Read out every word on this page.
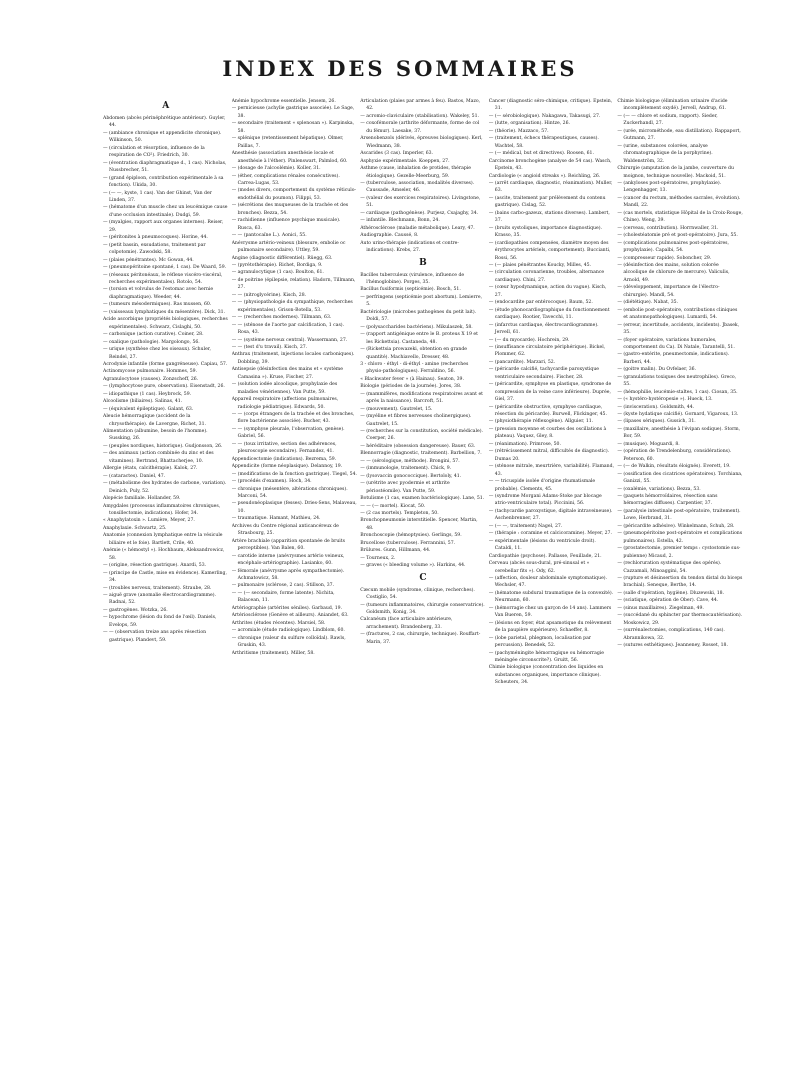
INDEX DES SOMMAIRES
A
Abdomen (abcès périnéphrétique antérieur). Guyler, 44.
— (ambiance chronique et appendicite chronique). Wilkinson, 50.
— (circulation et résorption, influence de la respiration de CO²). Friedrich, 30.
— (éventration diaphragmatique d., 1 cas). Nicholas, Nussbrecher, 51.
— (grand épiploon, contribution expérimentale à sa fonction). Ukida, 30.
— (— —, kyste, 1 cas). Van der Ghinst, Van der Linden, 37.
— (hématome d'un muscle chez un leucémique cause d'une occlusion intestinale). Dudgi, 59.
— (myalgies, rapport aux organes internes). Reiser, 29.
— (péritonites à pneumocoques). Horine, 44.
— (petit bassin, exsudations, traitement par colpotomie). Zawodski, 58.
— (plaies pénétrantes). Mc Gowan, 44.
— (pneumopéritoine spontané, 1 cas). De Waard, 59.
— (réseaux péritonéaux, le réflexe viscéro-viscéral, recherches expérimentales). Rotolo, 54.
— (torsion et volvulus de l'estomac avec hernie diaphragmatique). Weeder, 44.
— (tumeurs mésodermiques). Ras mussen, 60.
— (vaisseaux lymphatiques du mésentère). Dick, 31.
Acide ascorbique (propriétés biologiques, recherches expérimentales). Schwarz, Cislaghi, 50.
— carbonique (action curative). Coiner, 28.
— oxalique (pathologie). Margolongo, 56.
— urique (synthèse chez les oiseaux). Schuler, Reindel, 27.
Acrodynie infantile (forme gangréneuse). Capiau, 57.
Actinomycose pulmonaire. Hommes, 59.
Agranulocytose (causes). Zonzscheff, 26.
— (lymphocytose pure, observation). Eisenstadt, 26.
— idiopathique (1 cas). Heybrock, 59.
Alcoolisme (biliaires). Salinas, 41.
— (équivalent épileptique). Galant, 63.
Aleucie hémorragique (accident de la chrysothérapie). de Lavergne, Richet, 31.
Alimentation (albumine, besoin de l'homme). Sussking, 26.
— (peuples nordiques, historique). Gudjonsson, 26.
— des animaux (action combinée du zinc et des vitamines). Bertrand, Bhattacherjee, 10.
Allergie (états, calcithérapie). Kalok, 27.
— (cataractes). Daniel, 47.
— (métabolisme des hydrates de carbone, variation). Deinich, Puly, 52.
Alopécie familiale. Hollander, 59.
Amygdales (processus inflammatoires chroniques, tonsillectomie, indications). Hofer, 34.
« Anaphylatoxin ». Lumière, Meyer, 27.
Anaphylaxie. Schwartz, 25.
Anatomie (connexion lymphatique entre la vésicule biliaire et le foie). Bartlett, Crile, 40.
Anémie (« hémostyl »). Hochbaum, Aleksandrowicz, 58.
— (origine, résection gastrique). Anardi, 53.
— (principe de Castle, mise en évidence). Kamerling, 34.
— (troubles nerveux, traitement). Straube, 28.
— aiguë grave (anomalie électrocardiogramme). Radnai, 52.
— gastrogènes. Wotzka, 26.
— hypochrome (lésion du fond de l'œil). Daniels, Evelops, 59.
— — (observation treize ans après résection gastrique). Plandevt, 59.
Anémie hypochrome essentielle. Jensem, 26.
— pernicieuse (achylie gastrique associée). Le Sage, 38.
— secondaire (traitement « splenosan »). Karpinska, 58.
— splénique (retentissement hépatique). Olmer, Paillas, 7.
Anesthésie (association anesthésie locale et anesthésie à l'éther). Pinlenswart, Palmlod, 60.
— (dosage de l'alcoolémie). Koller, 31.
— (éther, complications rénales consécutives). Carrea-Lugas, 53.
— (modes divers, comportement du système réticulo-endothélial du poumon). Filippi, 53.
— (sécrétions des muqueuses de la trachée et des bronches). Bezza, 54.
— rachidienne (influence psychique musicale). Rusca, 63.
— — (pantocaïne L.). Aonici, 55.
Anévrysme artério-veineux (blessure, embolie oc pulmonaire secondaire). Uttley, 59.
Angine (diagnostic différentiel). Rüegg, 63.
— (pyrétothérapie). Richet, Bordiga, 9.
— agranulocytique (1 cas). Boulton, 61.
— de poitrine (épilepsie, relation). Hadorn, Tillmann, 27.
— — (nitroglycérine). Kisch, 28.
— — (physiopathologie du sympathique, recherches expérimentales). Grison-Botella, 53.
— — (recherches modernes). Tillmann, 63.
— — (sténose de l'aorte par calcification, 1 cas). Rosa, 43.
— — (système nerveux central). Wassermann, 27.
— — (test d'u travail). Kisch, 27.
Anthrax (traitement, injections locales carboniques). Dobbling, 39.
Antisepsie (désinfection des mains et « système Camasina »). Kruse, Fischer, 27.
— (solution iodée alcoolique, prophylaxie des maladies vénériennes). Van Putte, 59.
Appareil respiratoire (affections pulmonaires, radiologie pédiatrique). Edwards, 50.
— — (corps étrangers de la trachée et des bronches, flore bactérienne associée). Bucher, 43.
— — (symphyse pleurale, l'observation, genèse). Gabriel, 56.
— — (toux irritative, section des adhérences, pleuroscopie secondaire). Fernandez, 41.
Appendicectomie (indications). Bezrema, 59.
Appendicite (forme néoplasique). Delannoy, 19.
— (modifications de la fonction gastrique). Tiegel, 54.
— (procédés d'examen). Hoch, 34.
— chronique (mésentère, altérations chroniques). Marconi, 54.
— pseudonéoplasique (fesses). Dries-Sens, Malaveau, 10.
— traumatique. Hamant, Mathieu, 24.
Archives du Centre régional anticancéreux de Strasbourg, 25.
Artère brachiale (apparition spontanée de bruits perceptibles). Van Balen, 60.
— carotide interne (anévrysmes artério veineux, encéphalo-artériographie). Lasianko, 60.
— fémorale (anévrysme après sympathectomie). Achmatowicz, 58.
— pulmonaire (sclérose, 2 cas). Stillson, 37.
— — (— secondaire, forme latente). Nichita, Balacean, 11.
Artériographie (artérites séniles). Garbaud, 19.
Artériosclérose (Genève et ailleurs). Aniandet, 63.
Arthrites (études récentes). Marsiel, 58.
— acromiale (étude radiologique). Lindblom, 60.
— chronique (valeur du sulfure colloïdal). Rawls, Gruskin, 43.
Arthritisme (traitement). Miller, 58.
Articulation (plaies par armes à feu). Bastos, Mazo, 42.
— acromio-claviculaire (stabilisation). Wakeley, 51.
— coxofémorale (arthrite déformante, forme de col du fémur). Laesake, 37.
Arsenobenzols (dérivés, épreuves biologiques). Kerl, Wiedmann, 38.
Ascarides (3 cas). Imperler, 63.
Asphyxie expérimentale. Koeppen, 27.
Asthme (cause, inhalation de protides, thérapie étiologique). Gezelle-Meerburg, 59.
— (tuberculose, association, modalités diverses). Caussade, Amseler, 46.
— (valeur des exercices respiratoires). Livingstone, 51.
— cardiaque (pathogénèse). Purjesz, Csajaghy, 34.
— infantile. Blechmann, Bonn, 24.
Athérosclérose (maladie métabolique). Leary, 47.
Audiographie. Caussé, 8.
Auto urino-thérapie (indications et contre-indications). Krebs, 27.
B
Bacilles tuberculeux (virulence, influence de l'hémoglobine). Porges, 35.
Bacillus fusiformis (septicémie). Bosch, 51.
— perfringens (septicémie post abortum). Lemierre, 5.
Bactériologie (microbes pathogènes du petit lait). Doldi, 57.
— (polysaccharides bactériens). Mikulaszek, 58.
— (rapport antigénique entre le B. proteus X 19 et les Rickettsia). Castaneda, 48.
— (Rickettsia prowazeki, obtention en grande quantité). Machiavello, Dresser, 48.
3 - chloro - éthyl - di-éthyl - amine (recherches physio-pathologiques). Ferraldino, 56.
« Blackwater fever » (à Hainau). Seaton, 39.
Biologie (périodes de la journée). Jores, 38.
— (mammifères, modifications respiratoires avant et après la naissance). Barcroft, 51.
— (mouvement). Gautrelet, 15.
— (myéline et fibres nerveuses cholinergiques). Gautrelet, 15.
— (recherches sur la constitution, société médicale). Coerper, 26.
— héréditaire (obsession dangereuse). Bauer, 63.
Blennorragie (diagnostic, traitement). Barbellion, 7.
— — (sérologique, méthode). Brongini, 57.
— (immunologie, traitement). Chick, 9.
— (lysovaccin gonococcique). Bertololy, 41.
— (urétrite avec pyodermie et arthrite périostéomile). Van Putte, 59.
Botulisme (1 cas, examen bactériologique). Lane, 51.
— — (— mortel). Kiocat, 50.
— (2 cas mortels). Templeton, 50.
Bronchopneumonie interstitielle. Spencer, Martin, 48.
Bronchoscopie (hémoptysies). Gerlings, 59.
Brucellose (tuberculose). Ferrannini, 57.
Brûlures. Gunn, Hillmann, 44.
— Tourneux, 2.
— graves (« bleeding volume »). Harkins, 44.
C
Cæcum mobile (syndrome, clinique, recherches). Costiglio, 54.
— (tumeurs inflammatoires, chirurgie conservatrice). Goldsmith, Konig, 34.
Calcanéum (face articulaire antérieure, arrachement). Brandenberg, 33.
— (fractures, 2 cas, chirurgie, technique). Rouffart-Marin, 37.
Cancer (diagnostic séro-chimique, critique). Epstein, 31.
— (— sérobiologique). Nakagawa, Takasugi, 27.
— (lutte, organisation). Hintze, 26.
— (théorie). Mazzaco, 57.
— (traitement, échecs thérapeutiques, causes). Wachtel, 58.
— (— médical, but et directives). Roosen, 61.
Carcinome bronchogène (analyse de 54 cas). Wasch, Epstein, 43.
Cardiologie (« angioid streaks »). Reichling, 26.
— (arrêt cardiaque, diagnostic, réanimation). Muller, 63.
— (ascite, traitement par prélèvement du contenu gastrique). Cislag, 52.
— (bains carbo-gazeux, stations diverses). Lambert, 37.
— (bruits systoliques, importance diagnostique). Krasso, 35.
— (cardiopathies compensées, diamètre moyen des érythrocytes artériels, comportement). Buccianti, Rossi, 56.
— (— plaies pénétrantes Koucky, Milles, 45.
— (circulation coronarienne, troubles, alternance cardiaque). Chini, 27.
— (cœur hypodynamique, action du vague). Kisch, 27.
— (endocardite par entérocoque). Baum, 52.
— (étude phonocardiographique du fonctionnement cardiaque). Rootier, Tavecchi, 11.
— (infarctus cardiaque, électrocardiogramme). Jervell, 61.
— (— du myocarde). Hochrein, 29.
— (insuffisance circulatoire périphérique). Bickel, Plommer, 62.
— (pancardite). Marzari, 52.
— (péricarde calcifié, tachycardie paroxystique ventriculaire secondaire). Fischer, 28.
— (péricardite, symphyse en plastique, syndrome de compression de la veine cave inférieure). Duprée, Giel, 37.
— (péricardite obstructive, symphyse cardiaque, résection du péricarde). Burwell, Flickinger, 45.
— (physiothérapie réflexogène). Allguier, 11.
— (pression moyenne et courbes des oscillations à plateau). Vaquez, Gley, 8.
— (réanimation). Primrose, 50.
— (rétrécissement mitral, difficultés de diagnostic). Dumas 20.
— (sténose mitrale, meurtrière, variabilité). Flamand, 43.
— — tricuspide isolée d'origine rhumatismale probable). Clements, 45.
— (syndrome Morgani Adams-Stoke par blocage atrio-ventriculaire total). Piccinini, 56.
— (tachycardie paroxystique, digitale intraveineuse). Aschenbrenner, 27.
— (— —, traitement) Nagel, 27.
— (thérapie : coramine et calcicoramine). Meyer, 27.
— expérimentale (lésions du ventricule droit). Cataldi, 11.
Cardiopathie (psychose). Pallasse, Feuillade, 21.
Cerveau (abcès sous-dural, pré-sinusal et « cerebellar fits »). Ody, 62.
— (affection, douleur abdominale symptomatique). Wechsler, 47.
— (hématome subdural traumatique de la convexité). Neurmann, 60.
— (hémorragie chez un garçon de 14 ans). Lammers Van Bueren, 59.
— (lésions en foyer, état apsamotique du relèvement de la paupière supérieure). Schaeffer, 8.
— (lobe parietal, phlegmon, localisation par percussion). Benedek, 52.
— (pachyméningite hémorragique ou hémorragie méningée circonscrite?). Gruitt, 56.
Chimie biologique (concentration des liquides en substances organiques, importance clinique). Scheuters, 34.
Chimie biologique (élimination urinaire d'acide incomplètement oxydé). Jervell, Andrup, 61.
— (— — chlore et sodium, rapport). Sieder, Zuckerhandl, 27.
— (urée, microméthode, eau distillation). Rappaport, Gutmann, 27.
— (urine, substances colorées, analyse chromatographique de la porphyrine). Waldenström, 32.
Chirurgie (amputation de la jambe, couverture du moignon, technique nouvelle). Mackoid, 51.
— (ankyloses post-opératoires, prophylaxie). Lengenhagger, 13.
— (cancer du rectum, méthodes sacrales, évolution). Mandl, 22.
— (cas mortels, statistique Hôpital de la Croix-Rouge, Chine). Weng, 39.
— (cerveau, contribution). Horrnwaller, 31.
— (cholestéatomie pré et post-opératoire). Jura, 55.
— (complications pulmonaires post-opératoires, prophylaxie). Capalbi, 54.
— (compresseur rapide). Soboncher, 29.
— (désinfection des mains, solution colorée alcoolique de chlorure de mercure). Valiculis, Arnold, 49.
— (développement, importance de l'électro-chirurgie). Mandl, 54.
— (diététique). Nabat, 35.
— (embolie post-opératoire, contributions cliniques et anatomopathologiques). Lumardi, 54.
— (erreur, incertitude, accidents, incidents). Jbasek, 35.
— (foyer opératoire, variations humorales, comportement du Ca). Di Natale, Tarantelli, 51.
— (gastro-entérite, pneumectomie, indications). Barberi, 44.
— (goitre malin). Du Ovfelaer, 36.
— (granulations toxiques des neutrophiles). Greco, 55.
— (hémophilie, leucémie-staltes, 1 cas). Ciosan, 35.
— (« hystéro-hystéropexie »). Hueck, 13.
— (invisceration). Goldsmith, 44.
— (kyste hydatique calcifié). Gornard, Vigaroux, 13.
— (lipases sériques). Gussich, 31.
— (maxillaire, anesthésie à l'évipan sodique). Storm, Bor, 59.
— (musique). Moguardi, 8.
— (opération de Trendelenburg, considérations). Peterson, 60.
— (— de Walkin, résultats éloignés). Everett, 19.
— (ossification des cicatrices opératoires). Torchiana, Ganizzi, 55.
— (oxalémie, variations). Bezza, 53.
— (paquets hémorroïdaires, résection sans hémorragies diffuses). Carpentier, 37.
— (paralysie intestinale post-opératoire, traitement). Lowe, Herbrand, 31.
— (péricardite adhésive). Winkelmann, Schuh, 28.
— (pneumopéritoine post-opératoire et complications pulmonaires). Estella, 42.
— (prostatectomie, premier temps : cystostomie sus-pubienne) Micaud, 2.
— (rechloruration systématique des opérés). Cazzamali, Minoaggini, 54.
— (rupture et désinsertion du tendon distal du biceps brachial). Seneque, Berthe, 14.
— (salle d'opération, hygiène). Dluzewski, 18.
— (sciatique, opération de Ober). Cave, 44.
— (sinus maxillaires). Ziegelman, 49.
— (succédané du sphincter par thermocautérisation). Moskowicz, 29.
— (surrénalectomies, complications, 140 cas). Abrannikowa, 32.
— (sutures esthétiques). Jeanneney, Rosset, 18.
